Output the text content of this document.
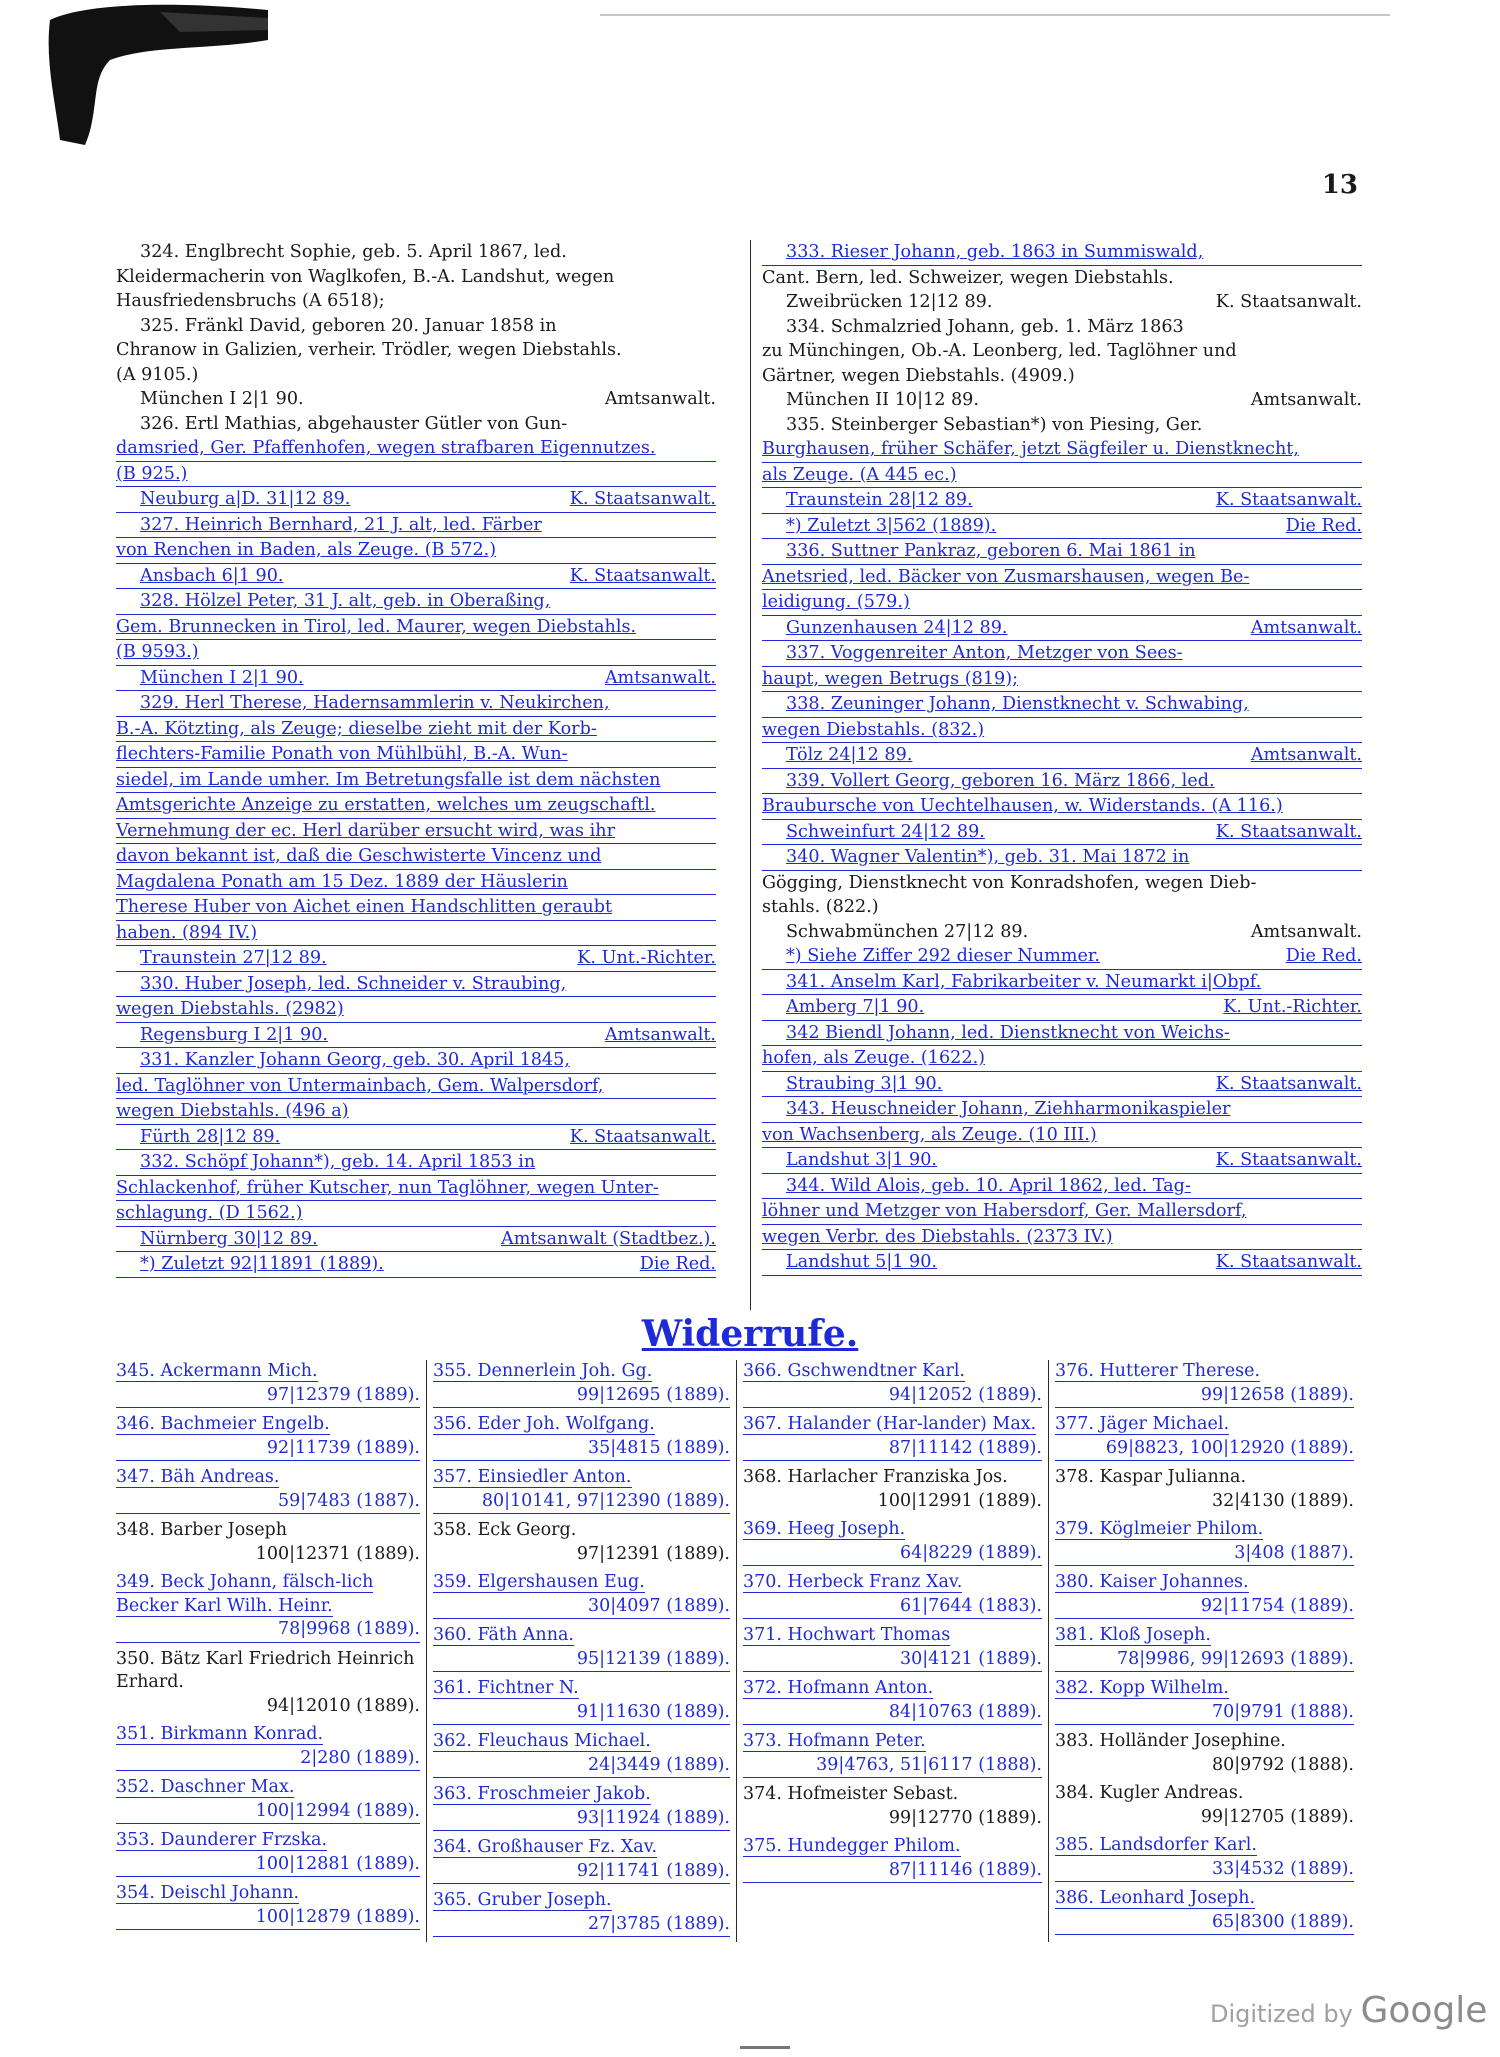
13
324. Englbrecht Sophie, geb. 5. April 1867, led.
Kleidermacherin von Waglkofen, B.-A. Landshut, wegen
Hausfriedensbruchs (A 6518);
325. Fränkl David, geboren 20. Januar 1858 in
Chranow in Galizien, verheir. Trödler, wegen Diebstahls.
(A 9105.)
München I 2|1 90.	Amtsanwalt.
326. Ertl Mathias, abgehauster Gütler von Gun-
damsried, Ger. Pfaffenhofen, wegen strafbaren Eigennutzes.
(B 925.)
Neuburg a|D. 31|12 89.	K. Staatsanwalt.
327. Heinrich Bernhard, 21 J. alt, led. Färber
von Renchen in Baden, als Zeuge. (B 572.)
Ansbach 6|1 90.	K. Staatsanwalt.
328. Hölzel Peter, 31 J. alt, geb. in Oberaßing,
Gem. Brunnecken in Tirol, led. Maurer, wegen Diebstahls.
(B 9593.)
München I 2|1 90.	Amtsanwalt.
329. Herl Therese, Hadernsammlerin v. Neukirchen,
B.-A. Kötzting, als Zeuge; dieselbe zieht mit der Korb-
flechters-Familie Ponath von Mühlbühl, B.-A. Wun-
siedel, im Lande umher. Im Betretungsfalle ist dem nächsten
Amtsgerichte Anzeige zu erstatten, welches um zeugschaftl.
Vernehmung der ec. Herl darüber ersucht wird, was ihr
davon bekannt ist, daß die Geschwisterte Vincenz und
Magdalena Ponath am 15 Dez. 1889 der Häuslerin
Therese Huber von Aichet einen Handschlitten geraubt
haben. (894 IV.)
Traunstein 27|12 89.	K. Unt.-Richter.
330. Huber Joseph, led. Schneider v. Straubing,
wegen Diebstahls. (2982)
Regensburg I 2|1 90.	Amtsanwalt.
331. Kanzler Johann Georg, geb. 30. April 1845,
led. Taglöhner von Untermainbach, Gem. Walpersdorf,
wegen Diebstahls. (496 a)
Fürth 28|12 89.	K. Staatsanwalt.
332. Schöpf Johann*), geb. 14. April 1853 in
Schlackenhof, früher Kutscher, nun Taglöhner, wegen Unter-
schlagung. (D 1562.)
Nürnberg 30|12 89.	Amtsanwalt (Stadtbez.).
*) Zuletzt 92|11891 (1889).	Die Red.
333. Rieser Johann, geb. 1863 in Summiswald,
Cant. Bern, led. Schweizer, wegen Diebstahls.
Zweibrücken 12|12 89.	K. Staatsanwalt.
334. Schmalzried Johann, geb. 1. März 1863
zu Münchingen, Ob.-A. Leonberg, led. Taglöhner und
Gärtner, wegen Diebstahls. (4909.)
München II 10|12 89.	Amtsanwalt.
335. Steinberger Sebastian*) von Piesing, Ger.
Burghausen, früher Schäfer, jetzt Sägfeiler u. Dienstknecht,
als Zeuge. (A 445 ec.)
Traunstein 28|12 89.	K. Staatsanwalt.
*) Zuletzt 3|562 (1889).	Die Red.
336. Suttner Pankraz, geboren 6. Mai 1861 in
Anetsried, led. Bäcker von Zusmarshausen, wegen Be-
leidigung. (579.)
Gunzenhausen 24|12 89.	Amtsanwalt.
337. Voggenreiter Anton, Metzger von Sees-
haupt, wegen Betrugs (819);
338. Zeuninger Johann, Dienstknecht v. Schwabing,
wegen Diebstahls. (832.)
Tölz 24|12 89.	Amtsanwalt.
339. Vollert Georg, geboren 16. März 1866, led.
Braubursche von Uechtelhausen, w. Widerstands. (A 116.)
Schweinfurt 24|12 89.	K. Staatsanwalt.
340. Wagner Valentin*), geb. 31. Mai 1872 in
Gögging, Dienstknecht von Konradshofen, wegen Dieb-
stahls. (822.)
Schwabmünchen 27|12 89.	Amtsanwalt.
*) Siehe Ziffer 292 dieser Nummer.	Die Red.
341. Anselm Karl, Fabrikarbeiter v. Neumarkt i|Obpf.
Amberg 7|1 90.	K. Unt.-Richter.
342 Biendl Johann, led. Dienstknecht von Weichs-
hofen, als Zeuge. (1622.)
Straubing 3|1 90.	K. Staatsanwalt.
343. Heuschneider Johann, Ziehharmonikaspieler
von Wachsenberg, als Zeuge. (10 III.)
Landshut 3|1 90.	K. Staatsanwalt.
344. Wild Alois, geb. 10. April 1862, led. Tag-
löhner und Metzger von Habersdorf, Ger. Mallersdorf,
wegen Verbr. des Diebstahls. (2373 IV.)
Landshut 5|1 90.	K. Staatsanwalt.
Widerrufe.
345. Ackermann Mich.
97|12379 (1889).
346. Bachmeier Engelb.
92|11739 (1889).
347. Bäh Andreas.
59|7483 (1887).
348. Barber Joseph
100|12371 (1889).
349. Beck Johann, fälsch-lich Becker Karl Wilh. Heinr.
78|9968 (1889).
350. Bätz Karl Friedrich Heinrich Erhard.
94|12010 (1889).
351. Birkmann Konrad.
2|280 (1889).
352. Daschner Max.
100|12994 (1889).
353. Daunderer Frzska.
100|12881 (1889).
354. Deischl Johann.
100|12879 (1889).
355. Dennerlein Joh. Gg.
99|12695 (1889).
356. Eder Joh. Wolfgang.
35|4815 (1889).
357. Einsiedler Anton.
80|10141, 97|12390 (1889).
358. Eck Georg.
97|12391 (1889).
359. Elgershausen Eug.
30|4097 (1889).
360. Fäth Anna.
95|12139 (1889).
361. Fichtner N.
91|11630 (1889).
362. Fleuchaus Michael.
24|3449 (1889).
363. Froschmeier Jakob.
93|11924 (1889).
364. Großhauser Fz. Xav.
92|11741 (1889).
365. Gruber Joseph.
27|3785 (1889).
366. Gschwendtner Karl.
94|12052 (1889).
367. Halander (Har-lander) Max.
87|11142 (1889).
368. Harlacher Franziska Jos.
100|12991 (1889).
369. Heeg Joseph.
64|8229 (1889).
370. Herbeck Franz Xav.
61|7644 (1883).
371. Hochwart Thomas
30|4121 (1889).
372. Hofmann Anton.
84|10763 (1889).
373. Hofmann Peter.
39|4763, 51|6117 (1888).
374. Hofmeister Sebast.
99|12770 (1889).
375. Hundegger Philom.
87|11146 (1889).
376. Hutterer Therese.
99|12658 (1889).
377. Jäger Michael.
69|8823, 100|12920 (1889).
378. Kaspar Julianna.
32|4130 (1889).
379. Köglmeier Philom.
3|408 (1887).
380. Kaiser Johannes.
92|11754 (1889).
381. Kloß Joseph.
78|9986, 99|12693 (1889).
382. Kopp Wilhelm.
70|9791 (1888).
383. Holländer Josephine.
80|9792 (1888).
384. Kugler Andreas.
99|12705 (1889).
385. Landsdorfer Karl.
33|4532 (1889).
386. Leonhard Joseph.
65|8300 (1889).
Digitized by Google
